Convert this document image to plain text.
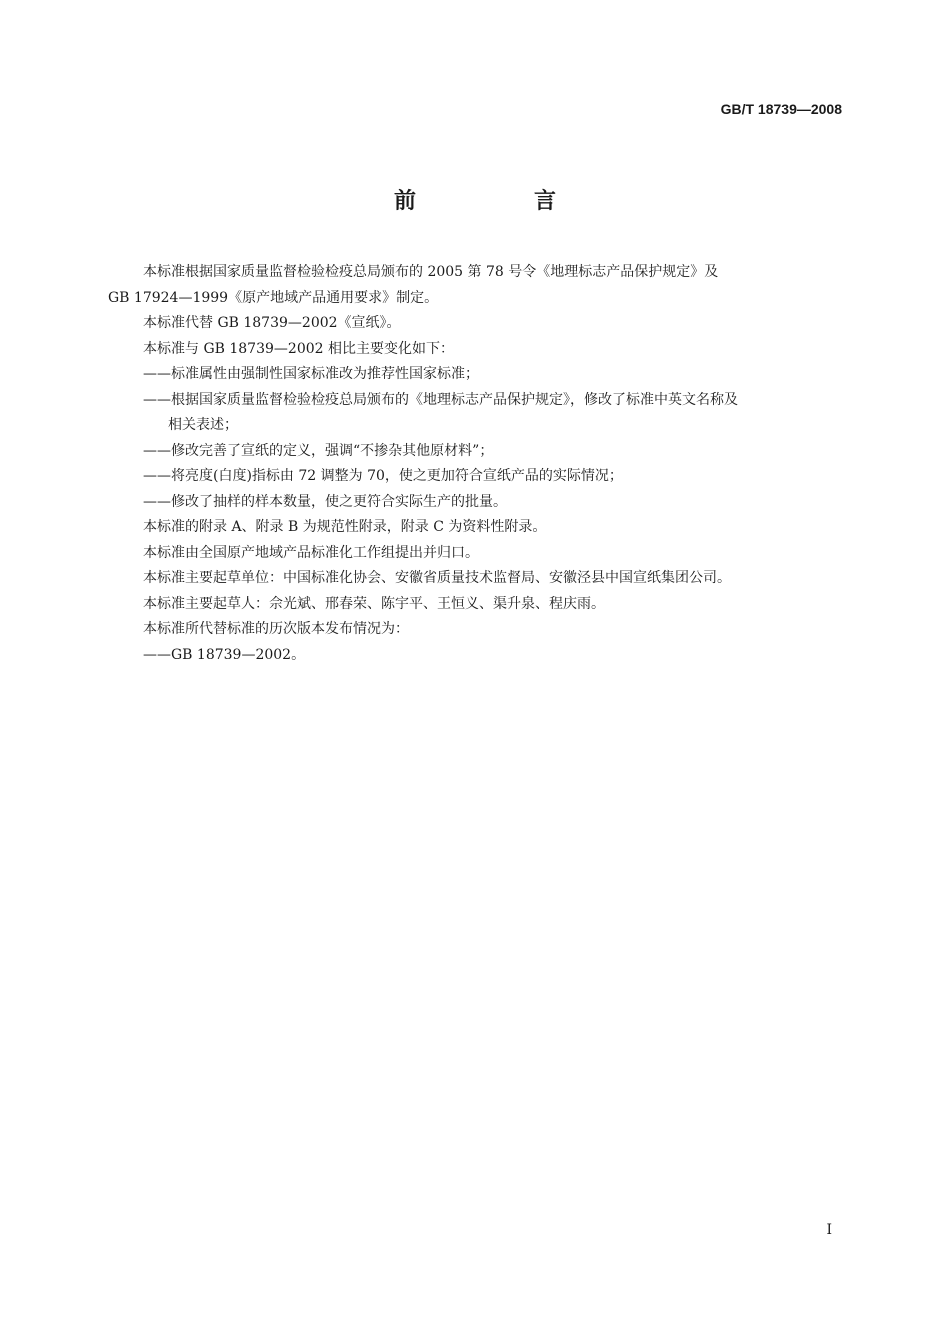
GB/T 18739—2008
前　言

本标准根据国家质量监督检验检疫总局颁布的 2005 第 78 号令《地理标志产品保护规定》及

GB 17924—1999《原产地域产品通用要求》制定。

本标准代替 GB 18739—2002《宣纸》。

本标准与 GB 18739—2002 相比主要变化如下：

——标准属性由强制性国家标准改为推荐性国家标准；

——根据国家质量监督检验检疫总局颁布的《地理标志产品保护规定》，修改了标准中英文名称及

相关表述；

——修改完善了宣纸的定义，强调“不掺杂其他原材料”；

——将亮度(白度)指标由 72 调整为 70，使之更加符合宣纸产品的实际情况；

——修改了抽样的样本数量，使之更符合实际生产的批量。

本标准的附录 A、附录 B 为规范性附录，附录 C 为资料性附录。

本标准由全国原产地域产品标准化工作组提出并归口。

本标准主要起草单位：中国标准化协会、安徽省质量技术监督局、安徽泾县中国宣纸集团公司。

本标准主要起草人：佘光斌、邢春荣、陈宇平、王恒义、渠升泉、程庆雨。

本标准所代替标准的历次版本发布情况为：

——GB 18739—2002。

I
